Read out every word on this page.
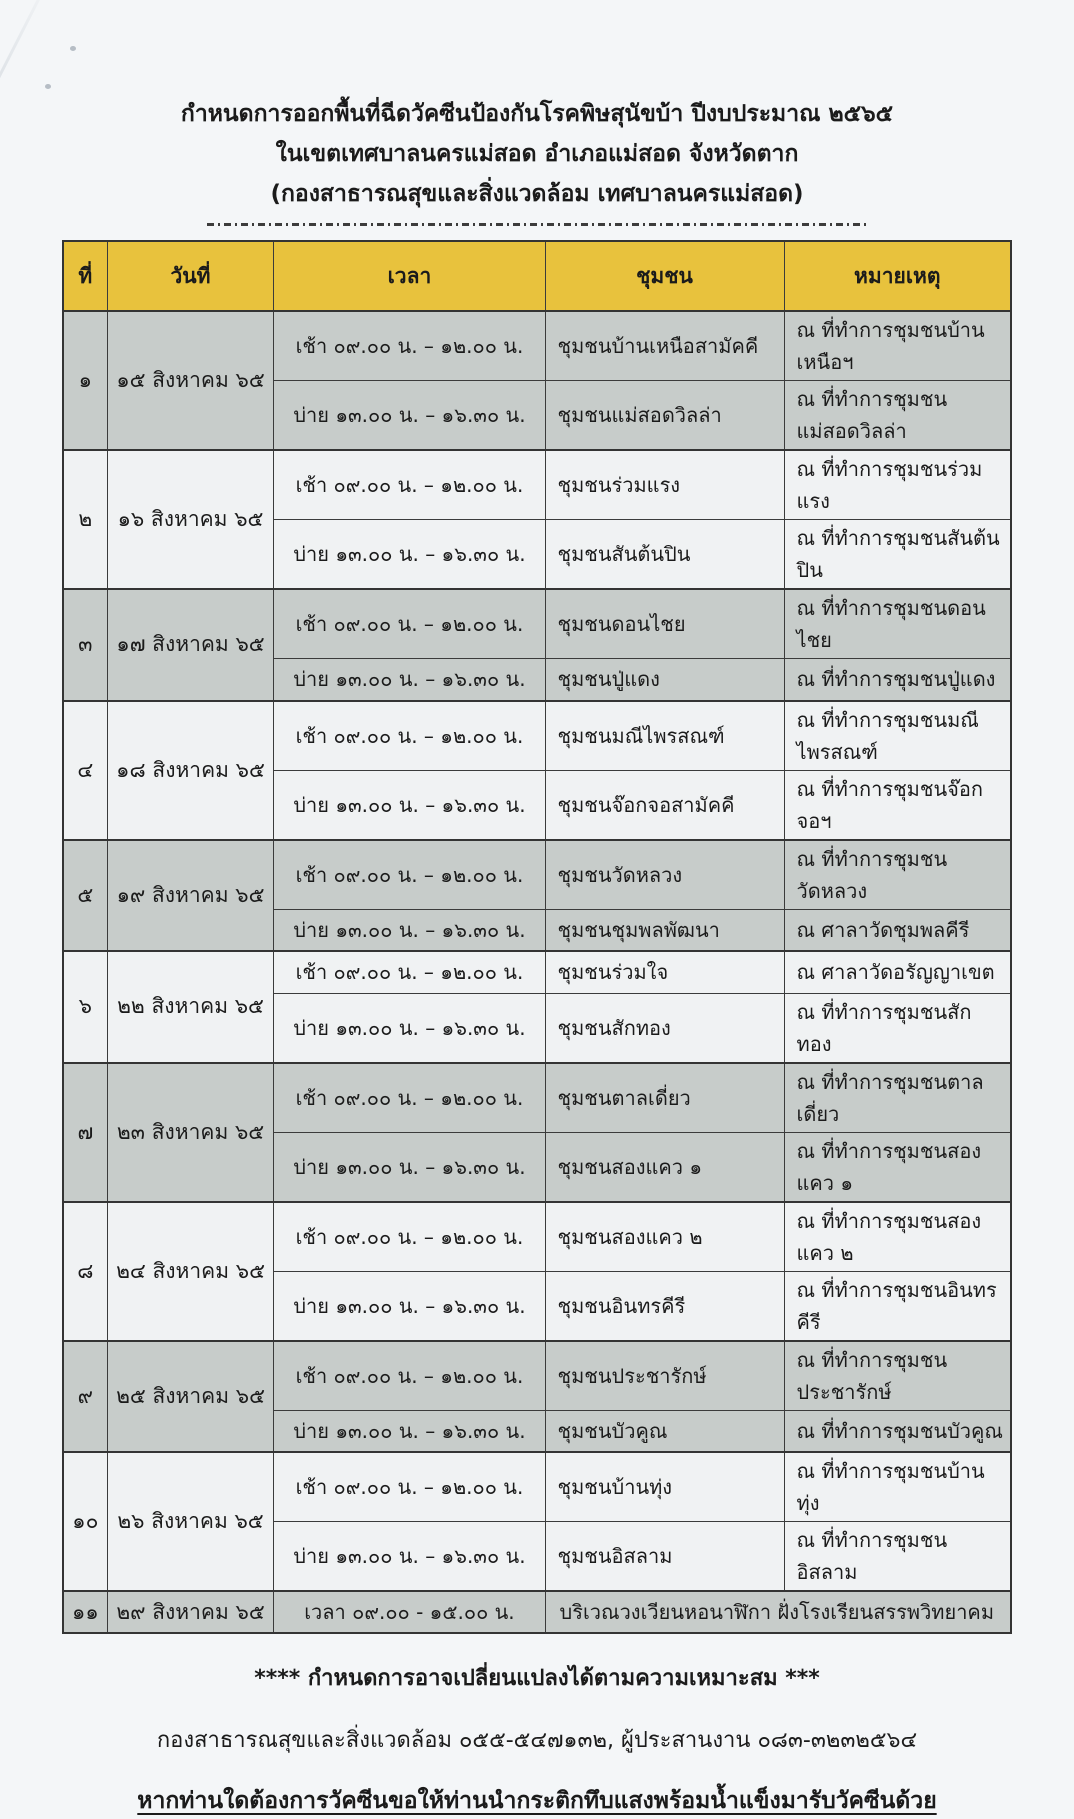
กำหนดการออกพื้นที่ฉีดวัคซีนป้องกันโรคพิษสุนัขบ้า ปีงบประมาณ ๒๕๖๕

ในเขตเทศบาลนครแม่สอด อำเภอแม่สอด จังหวัดตาก

(กองสาธารณสุขและสิ่งแวดล้อม เทศบาลนครแม่สอด)

ที่	วันที่	เวลา	ชุมชน	หมายเหตุ
๑	๑๕ สิงหาคม ๖๕	เช้า ๐๙.๐๐ น. – ๑๒.๐๐ น.	ชุมชนบ้านเหนือสามัคคี	ณ ที่ทำการชุมชนบ้านเหนือฯ
		บ่าย ๑๓.๐๐ น. – ๑๖.๓๐ น.	ชุมชนแม่สอดวิลล่า	ณ ที่ทำการชุมชนแม่สอดวิลล่า
๒	๑๖ สิงหาคม ๖๕	เช้า ๐๙.๐๐ น. – ๑๒.๐๐ น.	ชุมชนร่วมแรง	ณ ที่ทำการชุมชนร่วมแรง
		บ่าย ๑๓.๐๐ น. – ๑๖.๓๐ น.	ชุมชนสันต้นปิน	ณ ที่ทำการชุมชนสันต้นปิน
๓	๑๗ สิงหาคม ๖๕	เช้า ๐๙.๐๐ น. – ๑๒.๐๐ น.	ชุมชนดอนไชย	ณ ที่ทำการชุมชนดอนไชย
		บ่าย ๑๓.๐๐ น. – ๑๖.๓๐ น.	ชุมชนปู่แดง	ณ ที่ทำการชุมชนปู่แดง
๔	๑๘ สิงหาคม ๖๕	เช้า ๐๙.๐๐ น. – ๑๒.๐๐ น.	ชุมชนมณีไพรสณฑ์	ณ ที่ทำการชุมชนมณีไพรสณฑ์
		บ่าย ๑๓.๐๐ น. – ๑๖.๓๐ น.	ชุมชนจ๊อกจอสามัคคี	ณ ที่ทำการชุมชนจ๊อกจอฯ
๕	๑๙ สิงหาคม ๖๕	เช้า ๐๙.๐๐ น. – ๑๒.๐๐ น.	ชุมชนวัดหลวง	ณ ที่ทำการชุมชนวัดหลวง
		บ่าย ๑๓.๐๐ น. – ๑๖.๓๐ น.	ชุมชนชุมพลพัฒนา	ณ ศาลาวัดชุมพลคีรี
๖	๒๒ สิงหาคม ๖๕	เช้า ๐๙.๐๐ น. – ๑๒.๐๐ น.	ชุมชนร่วมใจ	ณ ศาลาวัดอรัญญาเขต
		บ่าย ๑๓.๐๐ น. – ๑๖.๓๐ น.	ชุมชนสักทอง	ณ ที่ทำการชุมชนสักทอง
๗	๒๓ สิงหาคม ๖๕	เช้า ๐๙.๐๐ น. – ๑๒.๐๐ น.	ชุมชนตาลเดี่ยว	ณ ที่ทำการชุมชนตาลเดี่ยว
		บ่าย ๑๓.๐๐ น. – ๑๖.๓๐ น.	ชุมชนสองแคว ๑	ณ ที่ทำการชุมชนสองแคว ๑
๘	๒๔ สิงหาคม ๖๕	เช้า ๐๙.๐๐ น. – ๑๒.๐๐ น.	ชุมชนสองแคว ๒	ณ ที่ทำการชุมชนสองแคว ๒
		บ่าย ๑๓.๐๐ น. – ๑๖.๓๐ น.	ชุมชนอินทรคีรี	ณ ที่ทำการชุมชนอินทรคีรี
๙	๒๕ สิงหาคม ๖๕	เช้า ๐๙.๐๐ น. – ๑๒.๐๐ น.	ชุมชนประชารักษ์	ณ ที่ทำการชุมชนประชารักษ์
		บ่าย ๑๓.๐๐ น. – ๑๖.๓๐ น.	ชุมชนบัวคูณ	ณ ที่ทำการชุมชนบัวคูณ
๑๐	๒๖ สิงหาคม ๖๕	เช้า ๐๙.๐๐ น. – ๑๒.๐๐ น.	ชุมชนบ้านทุ่ง	ณ ที่ทำการชุมชนบ้านทุ่ง
		บ่าย ๑๓.๐๐ น. – ๑๖.๓๐ น.	ชุมชนอิสลาม	ณ ที่ทำการชุมชนอิสลาม
๑๑	๒๙ สิงหาคม ๖๕	เวลา ๐๙.๐๐ - ๑๕.๐๐ น.	บริเวณวงเวียนหอนาฬิกา ฝั่งโรงเรียนสรรพวิทยาคม	
**** กำหนดการอาจเปลี่ยนแปลงได้ตามความเหมาะสม ***
กองสาธารณสุขและสิ่งแวดล้อม ๐๕๕-๕๔๗๑๓๒, ผู้ประสานงาน ๐๘๓-๓๒๓๒๕๖๔
หากท่านใดต้องการวัคซีนขอให้ท่านนำกระติกทึบแสงพร้อมน้ำแข็งมารับวัคซีนด้วย
